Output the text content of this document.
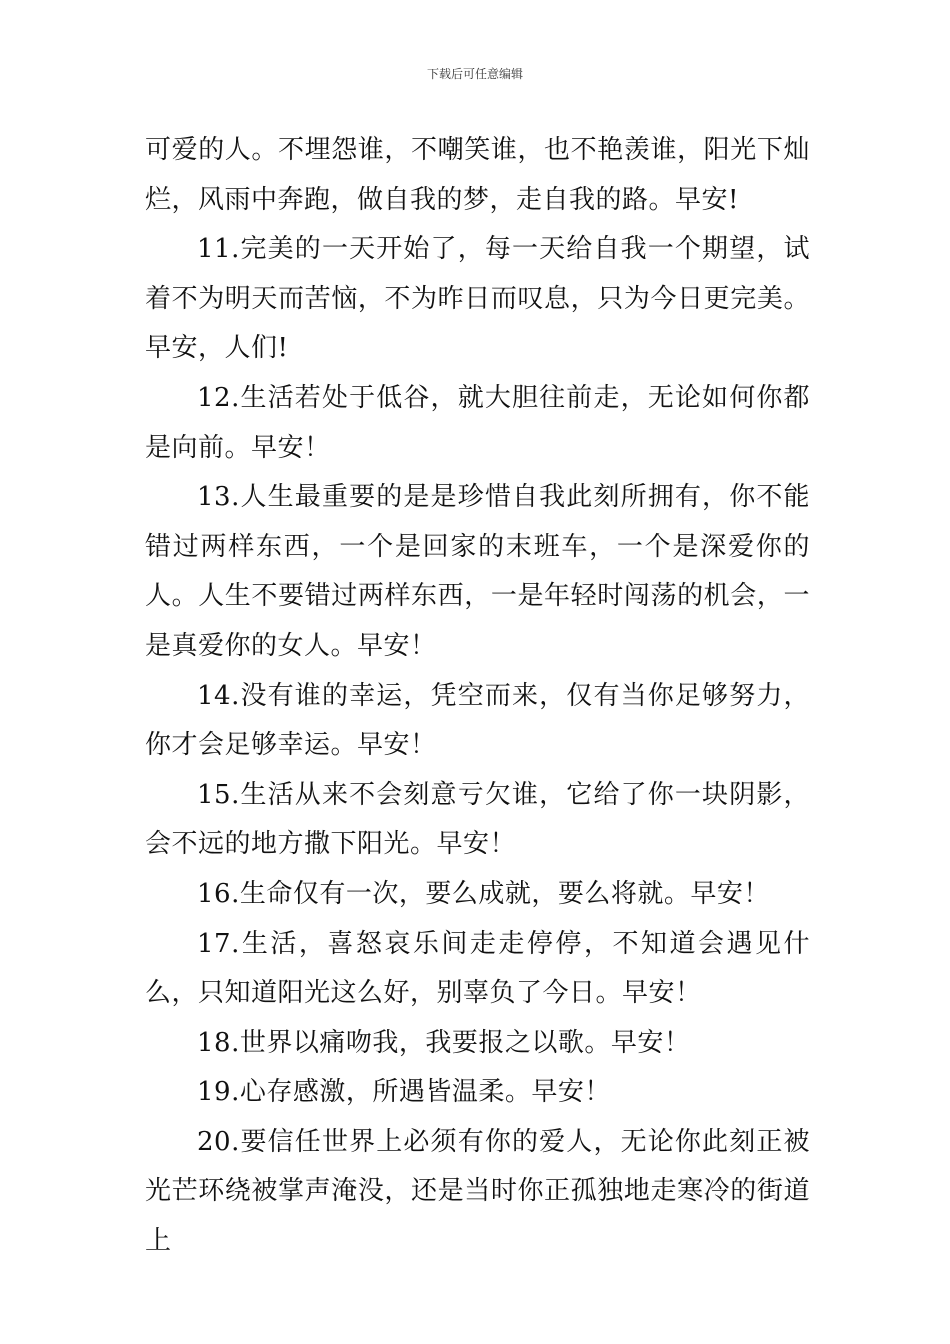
下载后可任意编辑

可爱的人。不埋怨谁，不嘲笑谁，也不艳羡谁，阳光下灿烂，风雨中奔跑，做自我的梦，走自我的路。早安!

11.完美的一天开始了，每一天给自我一个期望，试着不为明天而苦恼，不为昨日而叹息，只为今日更完美。早安，人们!

12.生活若处于低谷，就大胆往前走，无论如何你都是向前。早安！

13.人生最重要的是是珍惜自我此刻所拥有，你不能错过两样东西，一个是回家的末班车，一个是深爱你的人。人生不要错过两样东西，一是年轻时闯荡的机会，一是真爱你的女人。早安！

14.没有谁的幸运，凭空而来，仅有当你足够努力，你才会足够幸运。早安！

15.生活从来不会刻意亏欠谁，它给了你一块阴影，会不远的地方撒下阳光。早安！

16.生命仅有一次，要么成就，要么将就。早安！

17.生活，喜怒哀乐间走走停停，不知道会遇见什么，只知道阳光这么好，别辜负了今日。早安！

18.世界以痛吻我，我要报之以歌。早安！

19.心存感激，所遇皆温柔。早安！

20.要信任世界上必须有你的爱人，无论你此刻正被光芒环绕被掌声淹没，还是当时你正孤独地走寒冷的街道上
